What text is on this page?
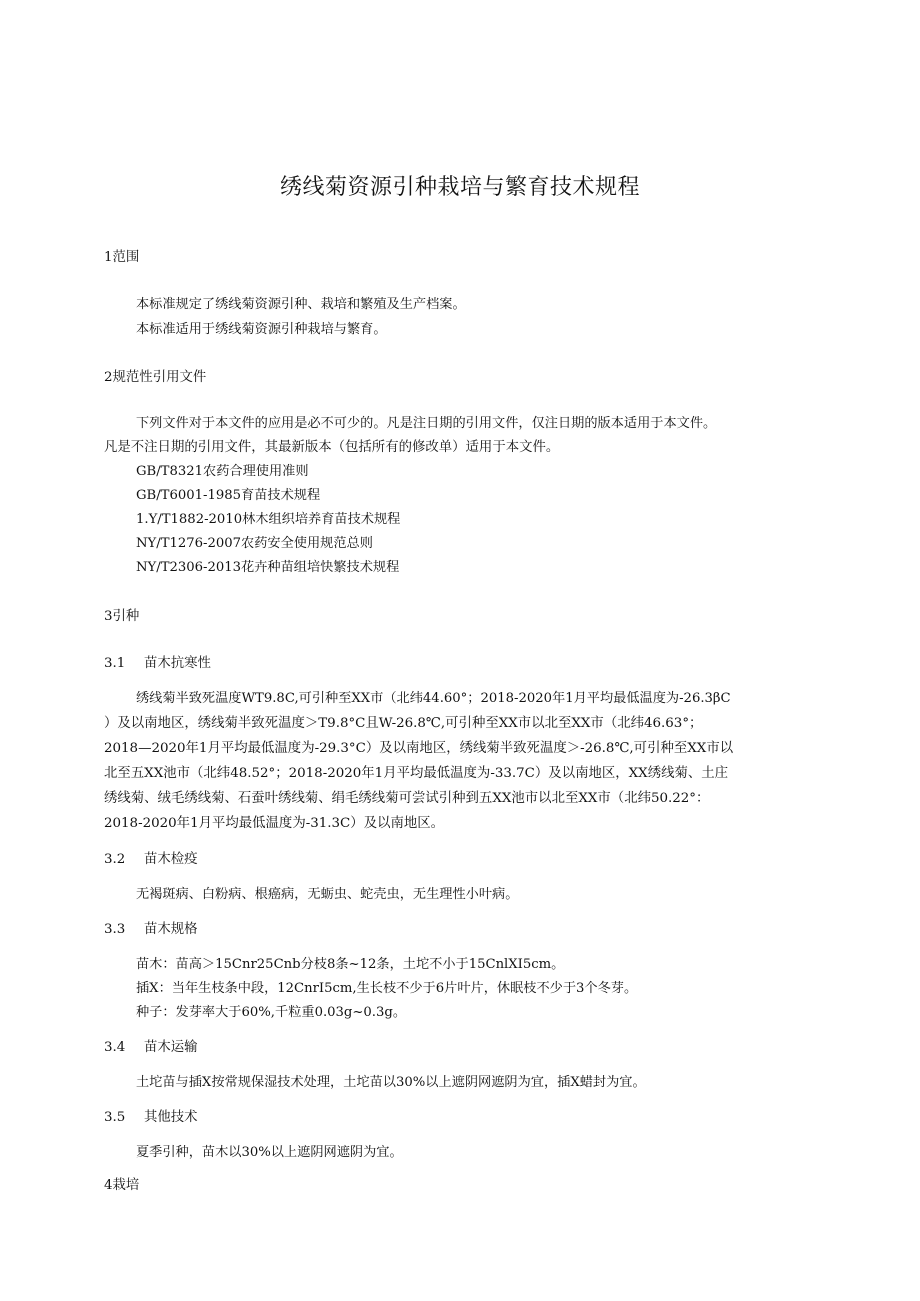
绣线菊资源引种栽培与繁育技术规程

1范围

本标准规定了绣线菊资源引种、栽培和繁殖及生产档案。

本标准适用于绣线菊资源引种栽培与繁育。

2规范性引用文件

下列文件对于本文件的应用是必不可少的。凡是注日期的引用文件，仅注日期的版本适用于本文件。

凡是不注日期的引用文件，其最新版本（包括所有的修改单）适用于本文件。

GB/T8321农药合理使用准则

GB/T6001-1985育苗技术规程

1.Y/T1882-2010林木组织培养育苗技术规程

NY/T1276-2007农药安全使用规范总则

NY/T2306-2013花卉种苗组培快繁技术规程

3引种

3.1 苗木抗寒性

绣线菊半致死温度WT9.8C,可引种至XX市（北纬44.60°；2018-2020年1月平均最低温度为-26.3βC

）及以南地区，绣线菊半致死温度＞T9.8°C且W-26.8℃,可引种至XX市以北至XX市（北纬46.63°；

2018—2020年1月平均最低温度为-29.3°C）及以南地区，绣线菊半致死温度＞-26.8℃,可引种至XX市以

北至五XX池市（北纬48.52°；2018-2020年1月平均最低温度为-33.7C）及以南地区，XX绣线菊、土庄

绣线菊、绒毛绣线菊、石蚕叶绣线菊、绢毛绣线菊可尝试引种到五XX池市以北至XX市（北纬50.22°：

2018-2020年1月平均最低温度为-31.3C）及以南地区。

3.2 苗木检疫

无褐斑病、白粉病、根癌病，无蛎虫、蛇壳虫，无生理性小叶病。

3.3 苗木规格

苗木：苗高＞15Cnr25Cnb分枝8条~12条，土坨不小于15CnlXI5cm。

插X：当年生枝条中段，12CnrI5cm,生长枝不少于6片叶片，休眠枝不少于3个冬芽。

种子：发芽率大于60%,千粒重0.03g~0.3g。

3.4 苗木运输

土坨苗与插X按常规保湿技术处理，土坨苗以30%以上遮阴网遮阴为宜，插X蜡封为宜。

3.5 其他技术

夏季引种，苗木以30%以上遮阴网遮阴为宜。

4栽培
